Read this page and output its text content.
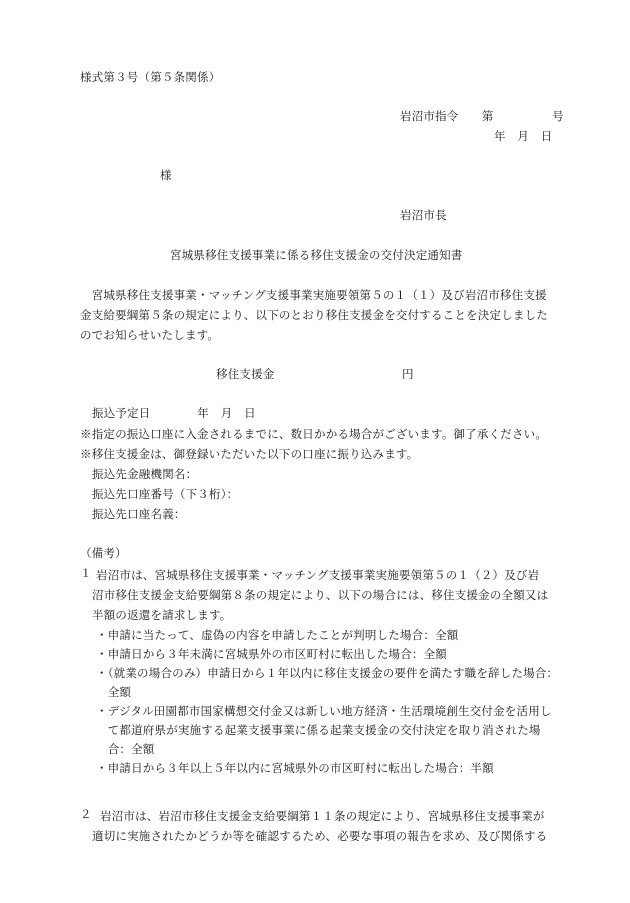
様式第３号（第５条関係）
岩沼市指令　　第　　　　　号
年　月　日
様
岩沼市長
宮城県移住支援事業に係る移住支援金の交付決定通知書
　宮城県移住支援事業・マッチング支援事業実施要領第５の１（１）及び岩沼市移住支援
金支給要綱第５条の規定により、以下のとおり移住支援金を交付することを決定しました
のでお知らせいたします。
移住支援金	円
振込予定日　　　　年　月　日
※指定の振込口座に入金されるまでに、数日かかる場合がございます。御了承ください。
※移住支援金は、御登録いただいた以下の口座に振り込みます。
振込先金融機関名：
振込先口座番号（下３桁）：
振込先口座名義：
（備考）
１ 岩沼市は、宮城県移住支援事業・マッチング支援事業実施要領第５の１（２）及び岩
沼市移住支援金支給要綱第８条の規定により、以下の場合には、移住支援金の全額又は
半額の返還を請求します。
・申請に当たって、虚偽の内容を申請したことが判明した場合：全額
・申請日から３年未満に宮城県外の市区町村に転出した場合：全額
・（就業の場合のみ）申請日から１年以内に移住支援金の要件を満たす職を辞した場合：
　全額
・デジタル田園都市国家構想交付金又は新しい地方経済・生活環境創生交付金を活用し
　て都道府県が実施する起業支援事業に係る起業支援金の交付決定を取り消された場
　合：全額
・申請日から３年以上５年以内に宮城県外の市区町村に転出した場合：半額
２ 岩沼市は、岩沼市移住支援金支給要綱第１１条の規定により、宮城県移住支援事業が
適切に実施されたかどうか等を確認するため、必要な事項の報告を求め、及び関係する
